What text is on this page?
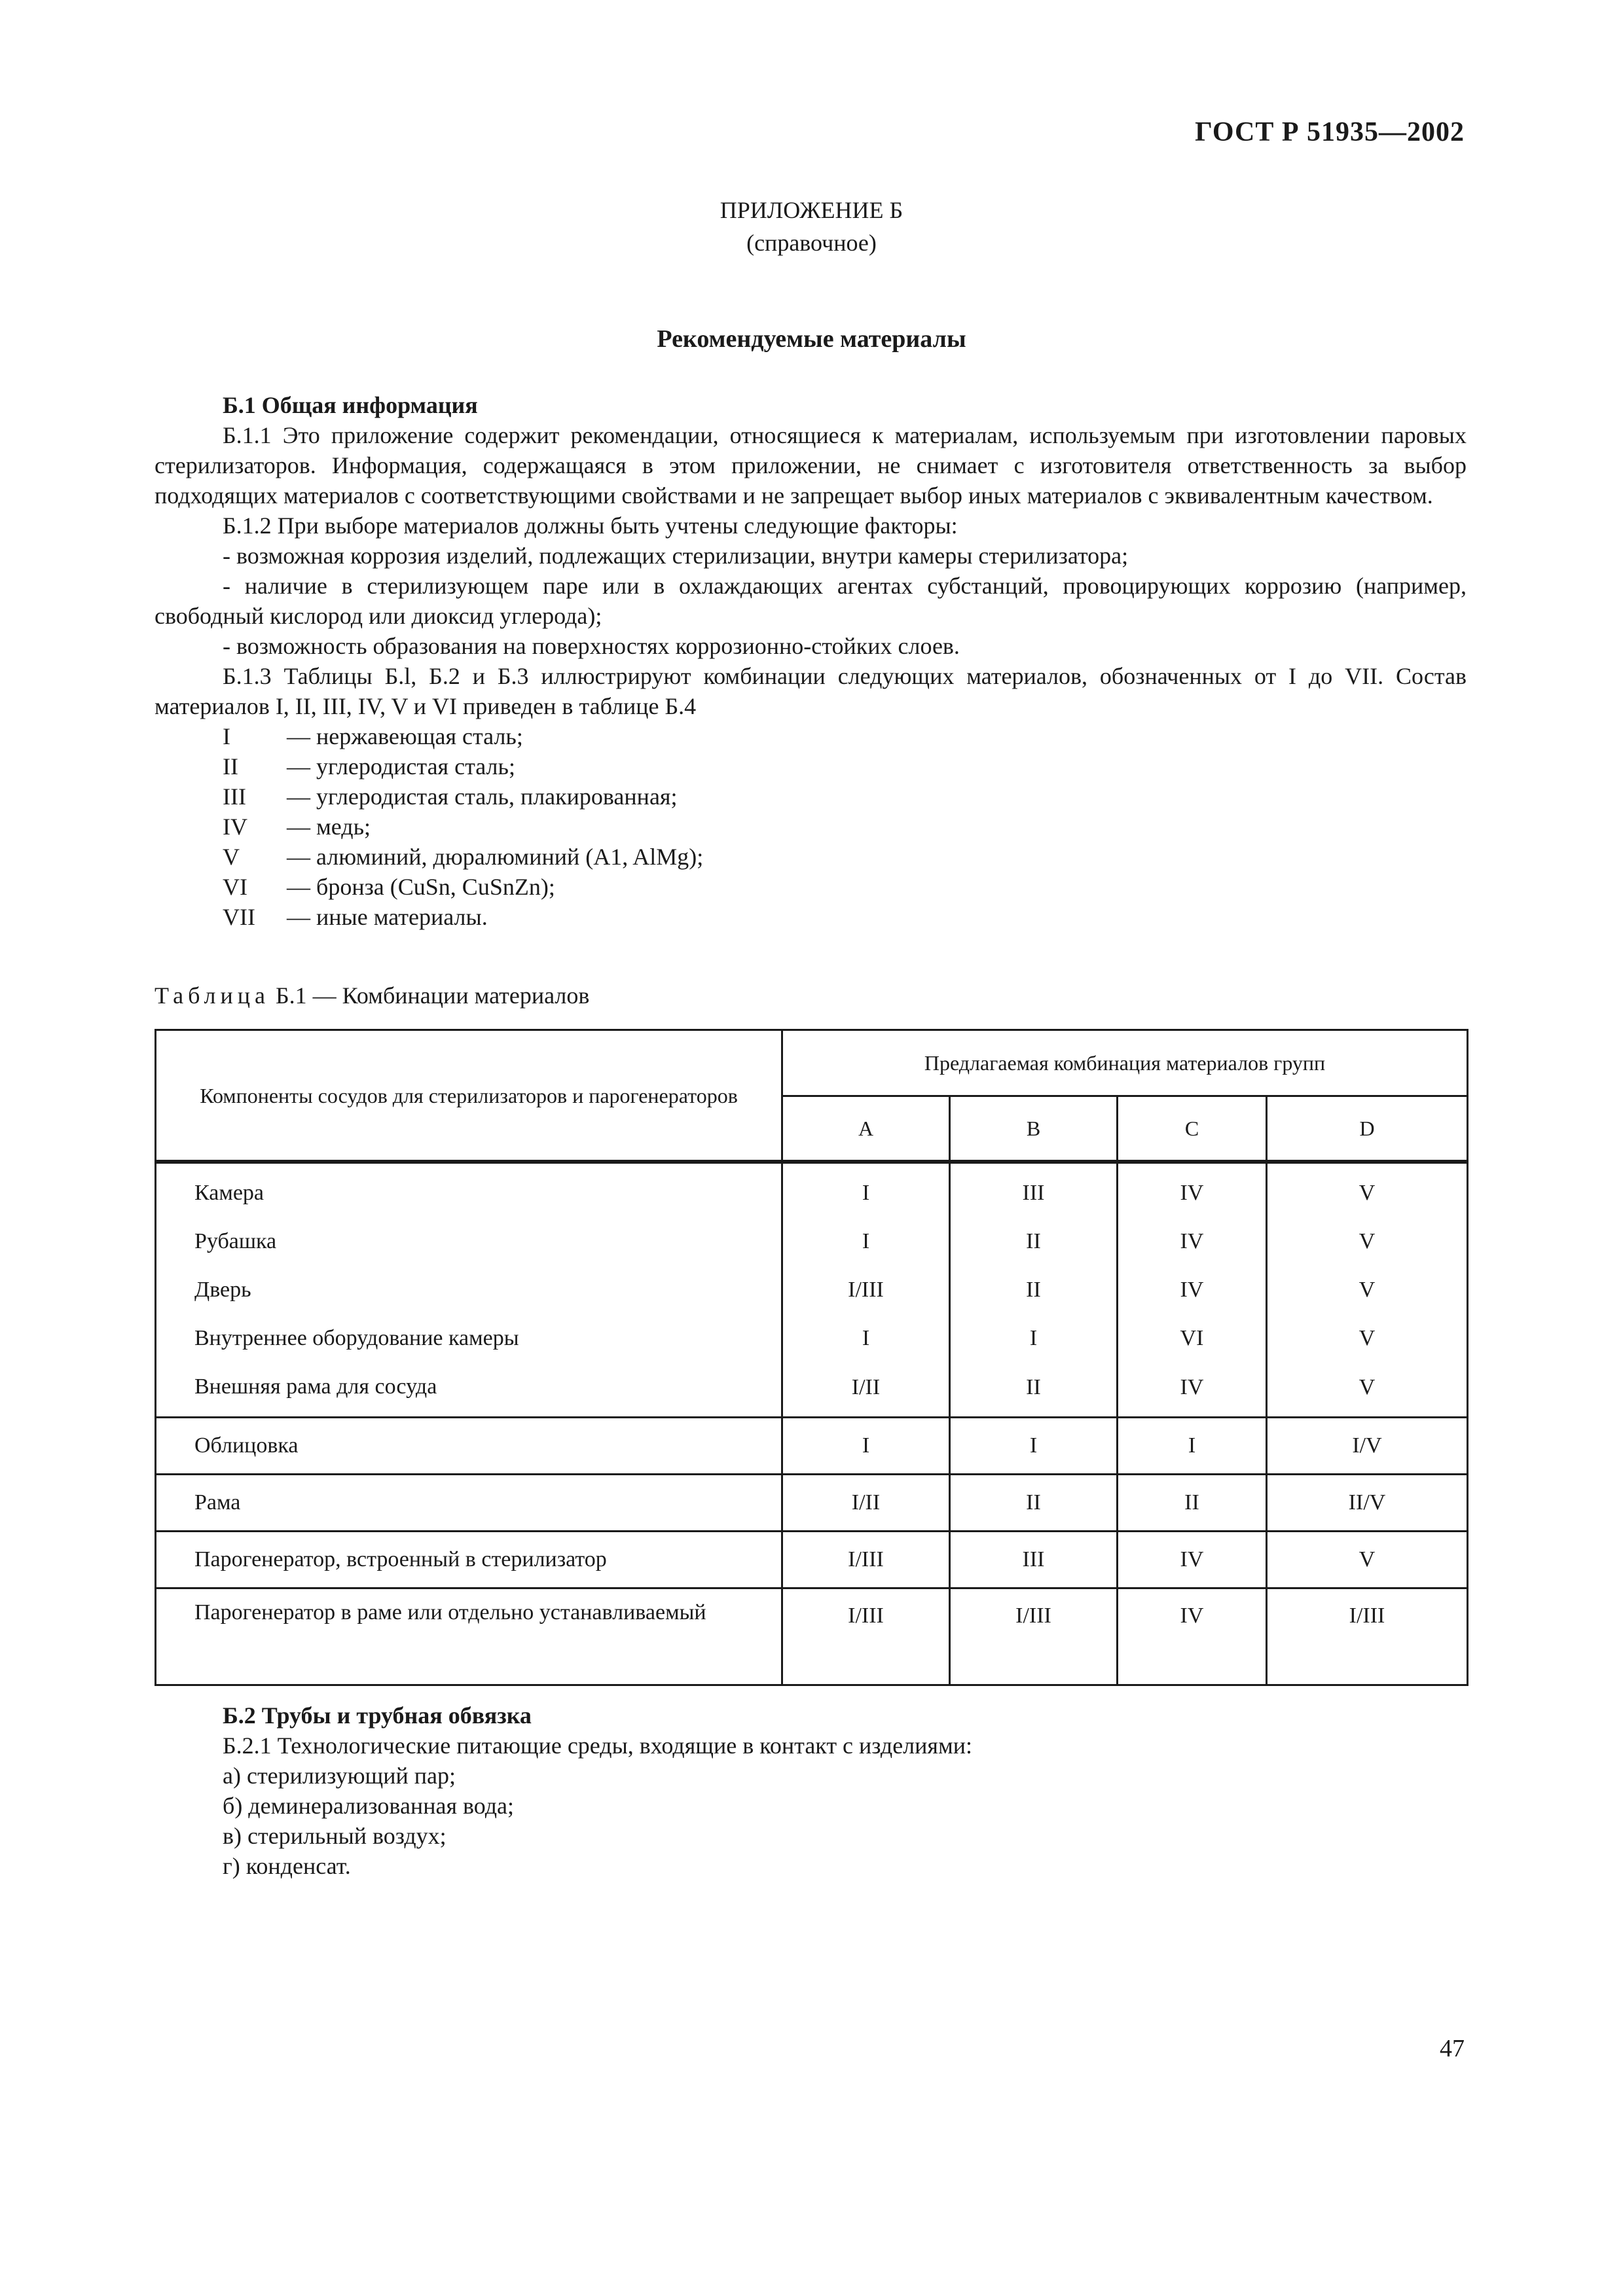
ГОСТ Р 51935—2002
ПРИЛОЖЕНИЕ Б
(справочное)
Рекомендуемые материалы

Б.1 Общая информация

Б.1.1 Это приложение содержит рекомендации, относящиеся к материалам, используемым при изготовлении паровых стерилизаторов. Информация, содержащаяся в этом приложении, не снимает с изготовителя ответственность за выбор подходящих материалов с соответствующими свойствами и не запрещает выбор иных материалов с эквивалентным качеством.

Б.1.2 При выборе материалов должны быть учтены следующие факторы:

- возможная коррозия изделий, подлежащих стерилизации, внутри камеры стерилизатора;

- наличие в стерилизующем паре или в охлаждающих агентах субстанций, провоцирующих коррозию (например, свободный кислород или диоксид углерода);

- возможность образования на поверхностях коррозионно-стойких слоев.

Б.1.3 Таблицы Б.l, Б.2 и Б.3 иллюстрируют комбинации следующих материалов, обозначенных от I до VII. Состав материалов I, II, III, IV, V и VI приведен в таблице Б.4

I	— нержавеющая сталь;
II	— углеродистая сталь;
III	— углеродистая сталь, плакированная;
IV	— медь;
V	— алюминий, дюралюминий (A1, AlMg);
VI	— бронза (CuSn, CuSnZn);
VII	— иные материалы.

Таблица Б.1 — Комбинации материалов

Компоненты сосудов для стерилизаторов и парогенераторов	Предлагаемая комбинация материалов групп			
	A	B	C	D
Камера	I	III	IV	V
Рубашка	I	II	IV	V
Дверь	I/III	II	IV	V
Внутреннее оборудование камеры	I	I	VI	V
Внешняя рама для сосуда	I/II	II	IV	V
Облицовка	I	I	I	I/V
Рама	I/II	II	II	II/V
Парогенератор, встроенный в стерилизатор	I/III	III	IV	V
Парогенератор в раме или отдельно устанавливаемый	I/III	I/III	IV	I/III

Б.2 Трубы и трубная обвязка

Б.2.1 Технологические питающие среды, входящие в контакт с изделиями:

а) стерилизующий пар;

б) деминерализованная вода;

в) стерильный воздух;

г) конденсат.

47
